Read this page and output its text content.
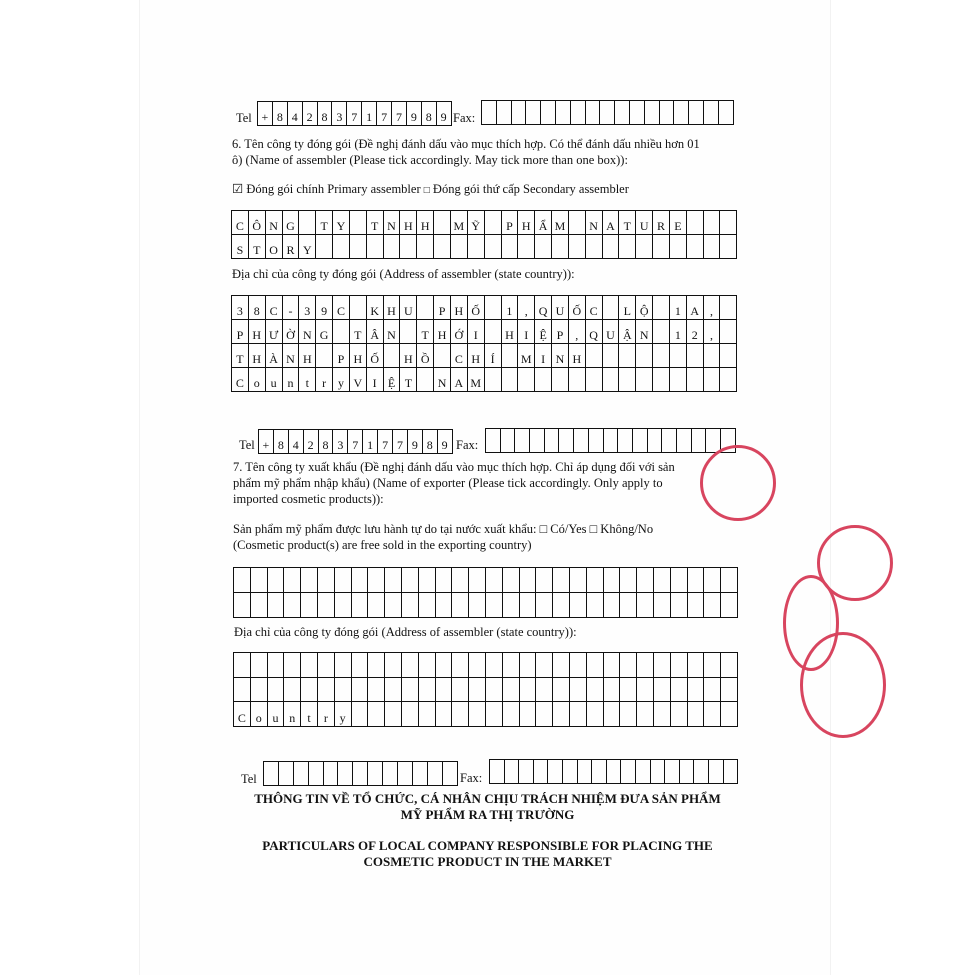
Tel + 8 4 2 8 3 7 1 7 7 9 8 9 Fax:
6. Tên công ty đóng gói (Đề nghị đánh dấu vào mục thích hợp. Có thể đánh dấu nhiều hơn 01
ô) (Name of assembler (Please tick accordingly. May tick more than one box)):
☑ Đóng gói chính Primary assembler □ Đóng gói thứ cấp Secondary assembler
C Ô N G	T Y	T N H H	M Ỹ	P H Ẩ M N A T U R E
S T O R Y
Địa chỉ của công ty đóng gói (Address of assembler (state country)):
3 8 C - 3 9 C	K H U	P H Ố	1	, Q U Ố C	L Ộ	1 A ,
P H Ư Ờ N G	T Â N	T H Ớ I	H I Ệ P	, Q U Ậ N	1 2	,
T H À N H	P H Ố	H Ồ	C H Í	M I N H
C o u n	t	r y V I Ệ T	N A M
Tel + 8 4 2 8 3 7 1 7 7 9 8 9 Fax:
7. Tên công ty xuất khẩu (Đề nghị đánh dấu vào mục thích hợp. Chỉ áp dụng đối với sản
phẩm mỹ phẩm nhập khẩu) (Name of exporter (Please tick accordingly. Only apply to
imported cosmetic products)):
Sản phẩm mỹ phẩm được lưu hành tự do tại nước xuất khẩu: □ Có/Yes □ Không/No
(Cosmetic product(s) are free sold in the exporting country)
Địa chỉ của công ty đóng gói (Address of assembler (state country)):
C o u n	t	r y
Tel	Fax:
THÔNG TIN VỀ TỔ CHỨC, CÁ NHÂN CHỊU TRÁCH NHIỆM ĐƯA SẢN PHẨM
MỸ PHẨM RA THỊ TRƯỜNG
PARTICULARS OF LOCAL COMPANY RESPONSIBLE FOR PLACING THE
COSMETIC PRODUCT IN THE MARKET
